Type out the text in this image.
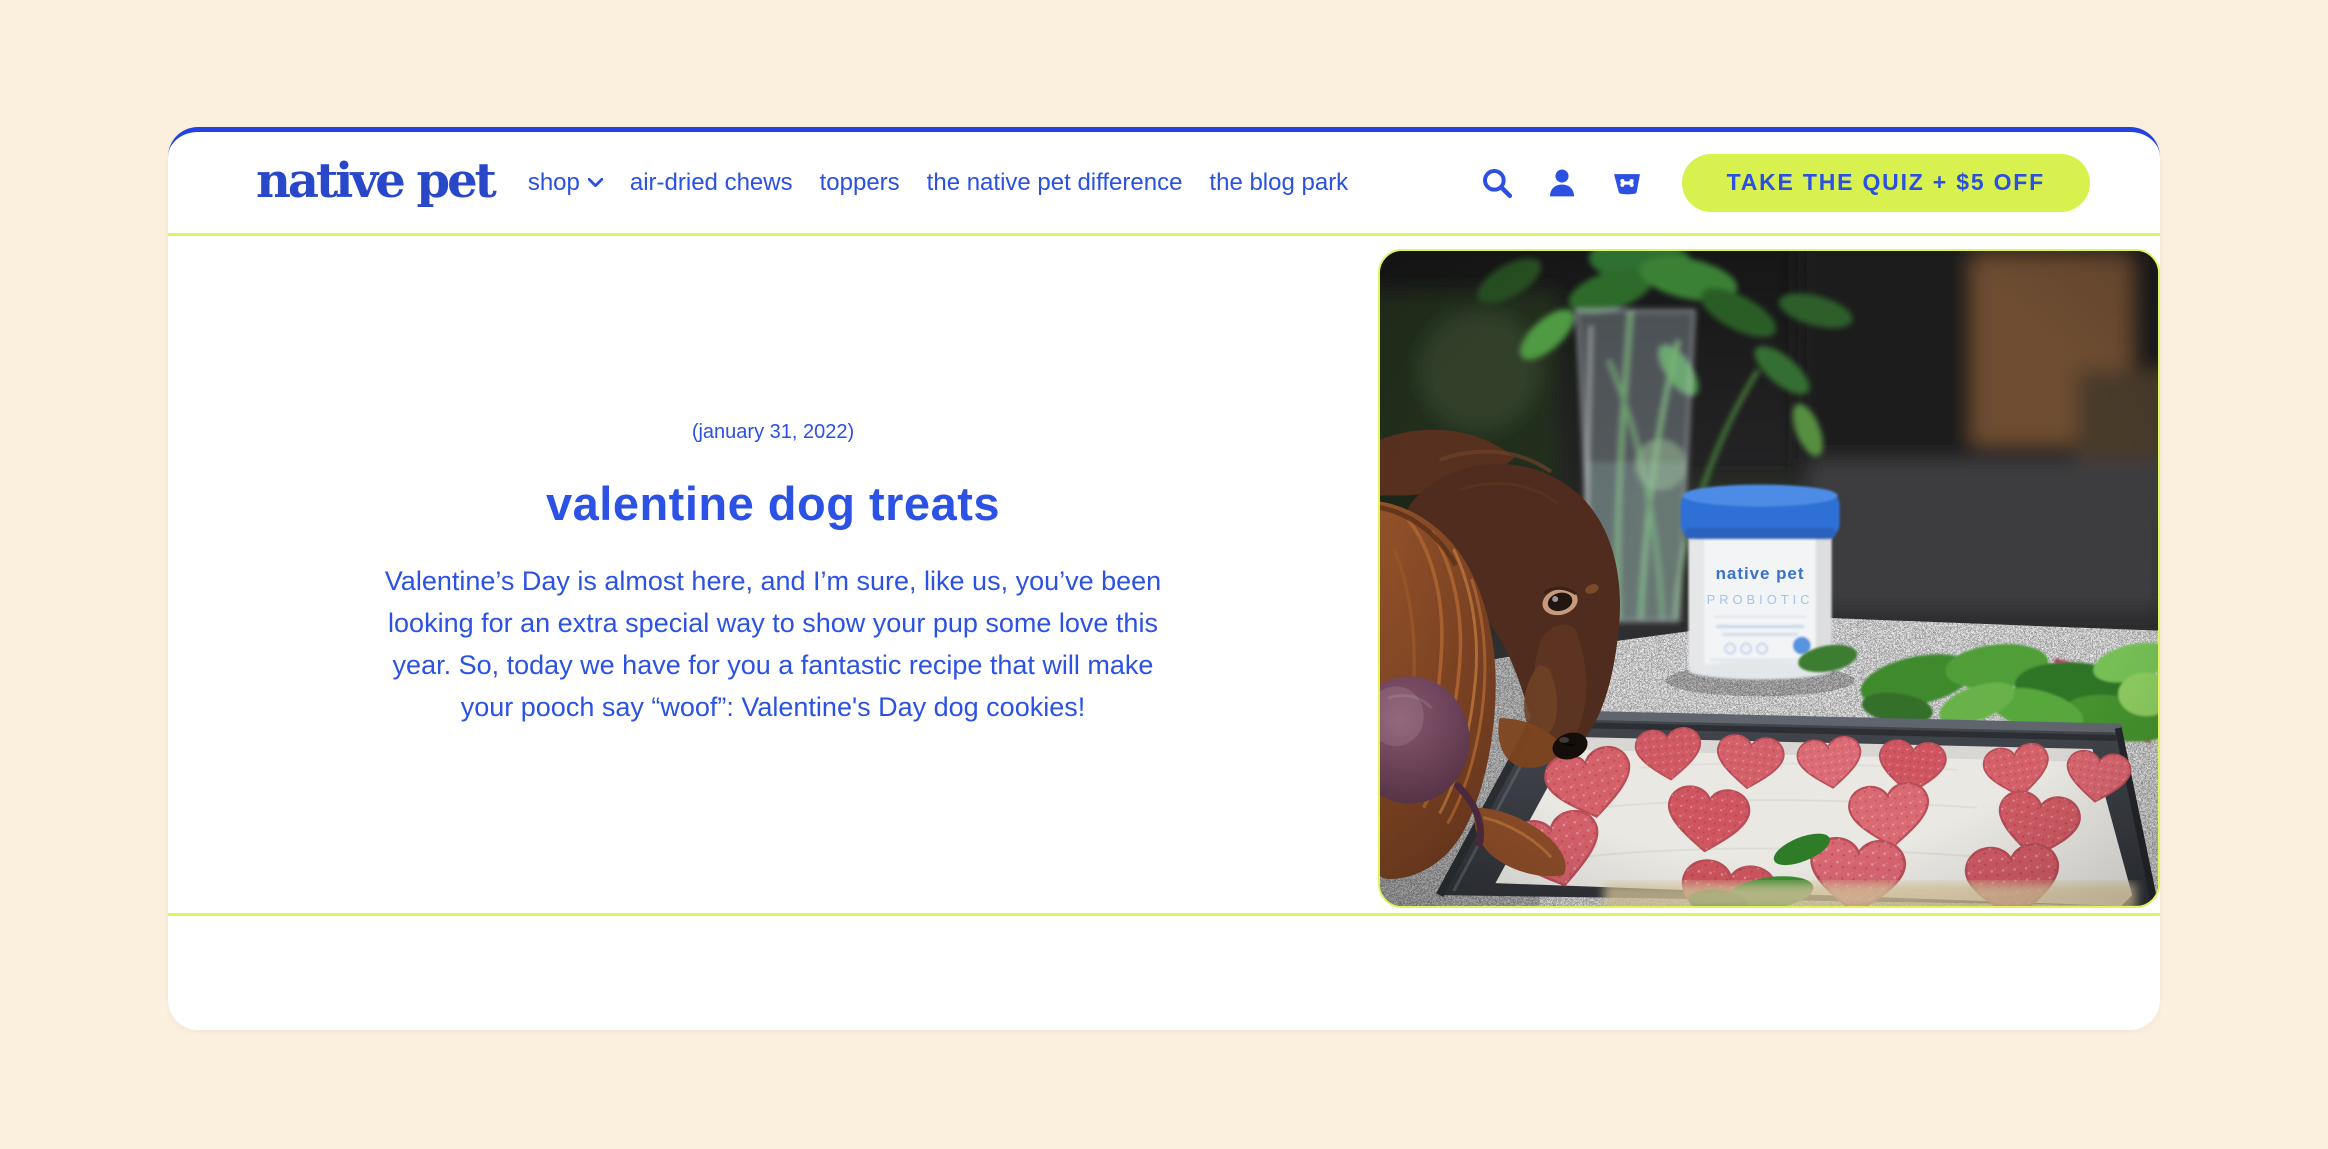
native pet shop air-dried chews toppers the native pet difference the blog park	TAKE THE QUIZ + $5 OFF

(january 31, 2022)

valentine dog treats

Valentine’s Day is almost here, and I’m sure, like us, you’ve been looking for an extra special way to show your pup some love this year. So, today we have for you a fantastic recipe that will make your pooch say “woof”: Valentine's Day dog cookies!
